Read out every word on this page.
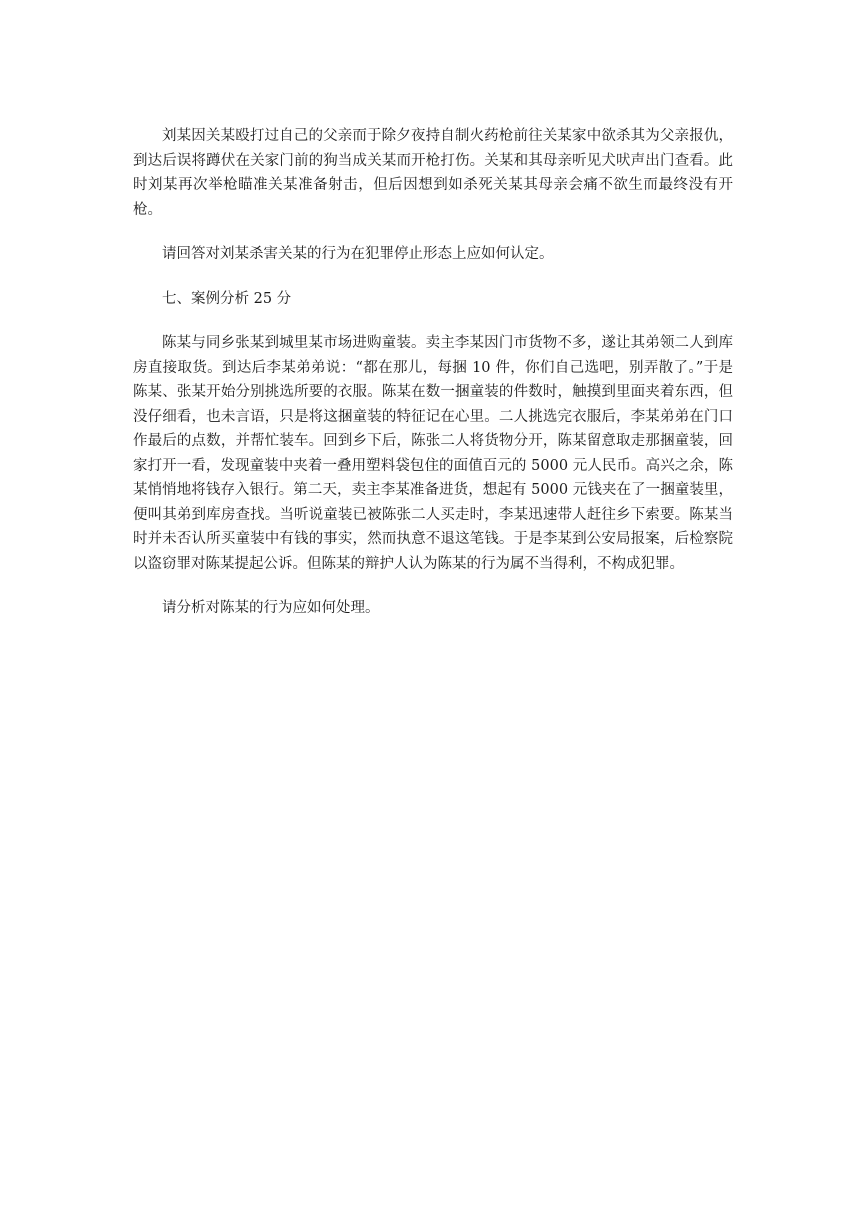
刘某因关某殴打过自己的父亲而于除夕夜持自制火药枪前往关某家中欲杀其为父亲报仇，到达后误将蹲伏在关家门前的狗当成关某而开枪打伤。关某和其母亲听见犬吠声出门查看。此时刘某再次举枪瞄准关某准备射击，但后因想到如杀死关某其母亲会痛不欲生而最终没有开枪。

请回答对刘某杀害关某的行为在犯罪停止形态上应如何认定。

七、案例分析 25 分

陈某与同乡张某到城里某市场进购童装。卖主李某因门市货物不多，遂让其弟领二人到库房直接取货。到达后李某弟弟说：“都在那儿，每捆 10 件，你们自己选吧，别弄散了。”于是陈某、张某开始分别挑选所要的衣服。陈某在数一捆童装的件数时，触摸到里面夹着东西，但没仔细看，也未言语，只是将这捆童装的特征记在心里。二人挑选完衣服后，李某弟弟在门口作最后的点数，并帮忙装车。回到乡下后，陈张二人将货物分开，陈某留意取走那捆童装，回家打开一看，发现童装中夹着一叠用塑料袋包住的面值百元的 5000 元人民币。高兴之余，陈某悄悄地将钱存入银行。第二天，卖主李某准备进货，想起有 5000 元钱夹在了一捆童装里，便叫其弟到库房查找。当听说童装已被陈张二人买走时，李某迅速带人赶往乡下索要。陈某当时并未否认所买童装中有钱的事实，然而执意不退这笔钱。于是李某到公安局报案，后检察院以盗窃罪对陈某提起公诉。但陈某的辩护人认为陈某的行为属不当得利，不构成犯罪。

请分析对陈某的行为应如何处理。
